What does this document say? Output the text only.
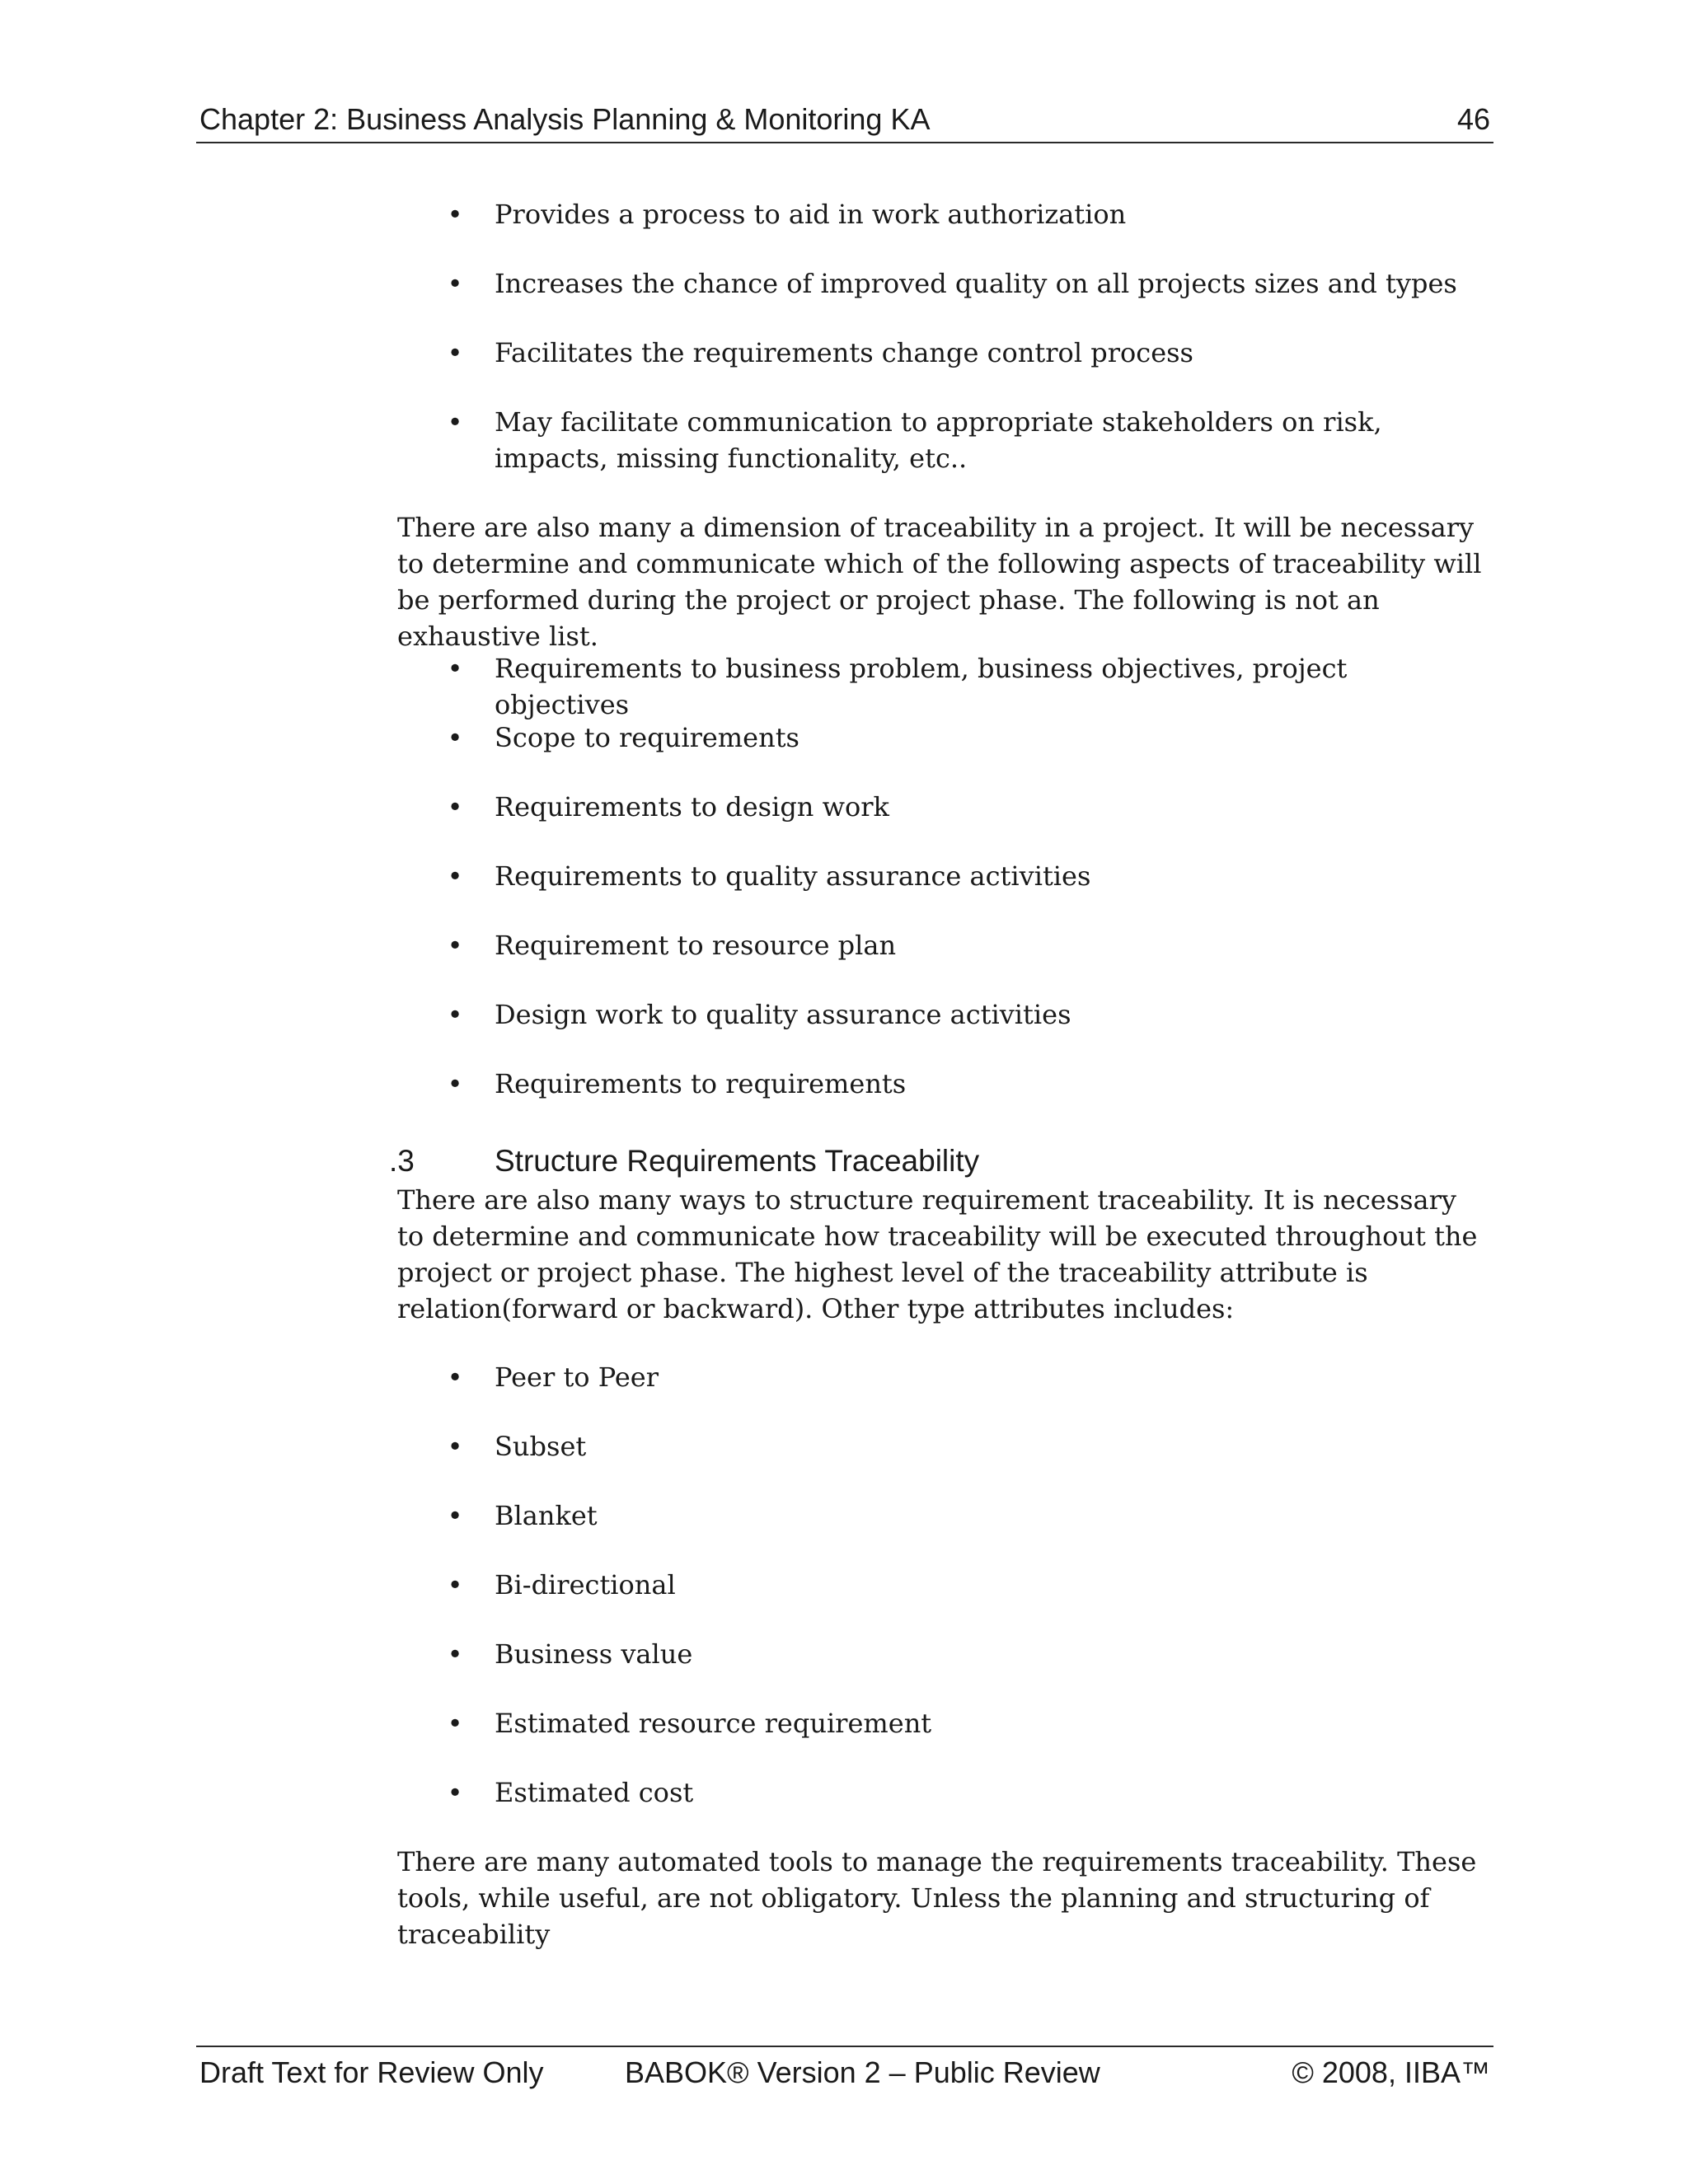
Chapter 2: Business Analysis Planning & Monitoring KA	46
• Provides a process to aid in work authorization
• Increases the chance of improved quality on all projects sizes and types
• Facilitates the requirements change control process
• May facilitate communication to appropriate stakeholders on risk, impacts, missing functionality, etc..
There are also many a dimension of traceability in a project. It will be necessary to determine and communicate which of the following aspects of traceability will be performed during the project or project phase. The following is not an exhaustive list.
• Requirements to business problem, business objectives, project objectives
• Scope to requirements
• Requirements to design work
• Requirements to quality assurance activities
• Requirement to resource plan
• Design work to quality assurance activities
• Requirements to requirements
.3	Structure Requirements Traceability
There are also many ways to structure requirement traceability. It is necessary to determine and communicate how traceability will be executed throughout the project or project phase. The highest level of the traceability attribute is relation(forward or backward). Other type attributes includes:
• Peer to Peer
• Subset
• Blanket
• Bi-directional
• Business value
• Estimated resource requirement
• Estimated cost
There are many automated tools to manage the requirements traceability. These tools, while useful, are not obligatory. Unless the planning and structuring of traceability
Draft Text for Review Only	BABOK® Version 2 – Public Review	© 2008, IIBA™
